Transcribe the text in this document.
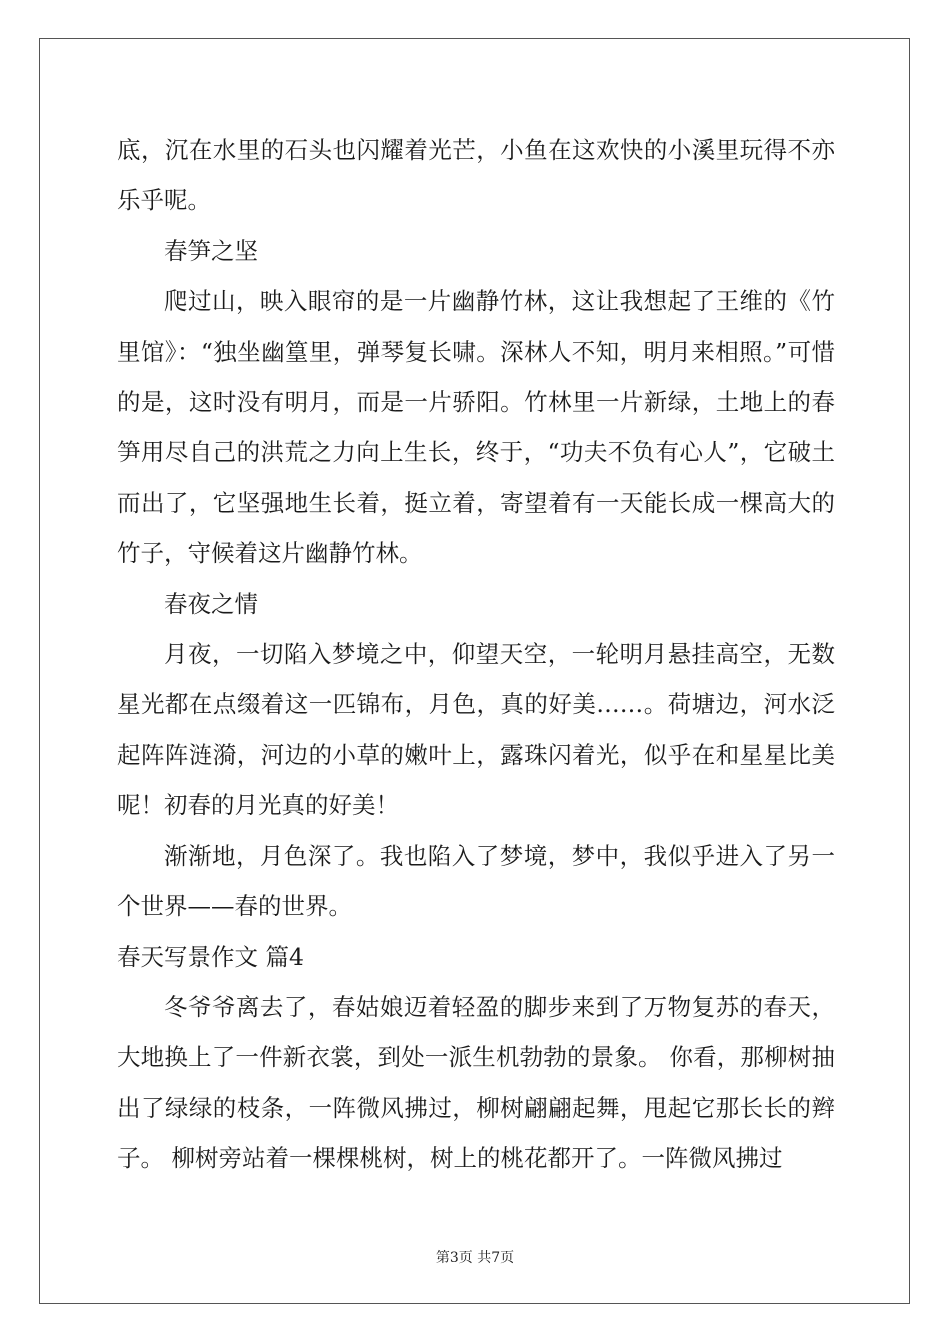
底，沉在水里的石头也闪耀着光芒，小鱼在这欢快的小溪里玩得不亦乐乎呢。

春笋之坚

爬过山，映入眼帘的是一片幽静竹林，这让我想起了王维的《竹里馆》：“独坐幽篁里，弹琴复长啸。深林人不知，明月来相照。”可惜的是，这时没有明月，而是一片骄阳。竹林里一片新绿，土地上的春笋用尽自己的洪荒之力向上生长，终于，“功夫不负有心人”，它破土而出了，它坚强地生长着，挺立着，寄望着有一天能长成一棵高大的竹子，守候着这片幽静竹林。

春夜之情

月夜，一切陷入梦境之中，仰望天空，一轮明月悬挂高空，无数星光都在点缀着这一匹锦布，月色，真的好美……。荷塘边，河水泛起阵阵涟漪，河边的小草的嫩叶上，露珠闪着光，似乎在和星星比美呢！初春的月光真的好美！

渐渐地，月色深了。我也陷入了梦境，梦中，我似乎进入了另一个世界——春的世界。

春天写景作文 篇4

冬爷爷离去了，春姑娘迈着轻盈的脚步来到了万物复苏的春天，大地换上了一件新衣裳，到处一派生机勃勃的景象。 你看，那柳树抽出了绿绿的枝条，一阵微风拂过，柳树翩翩起舞，甩起它那长长的辫子。 柳树旁站着一棵棵桃树，树上的桃花都开了。一阵微风拂过

第3页 共7页
